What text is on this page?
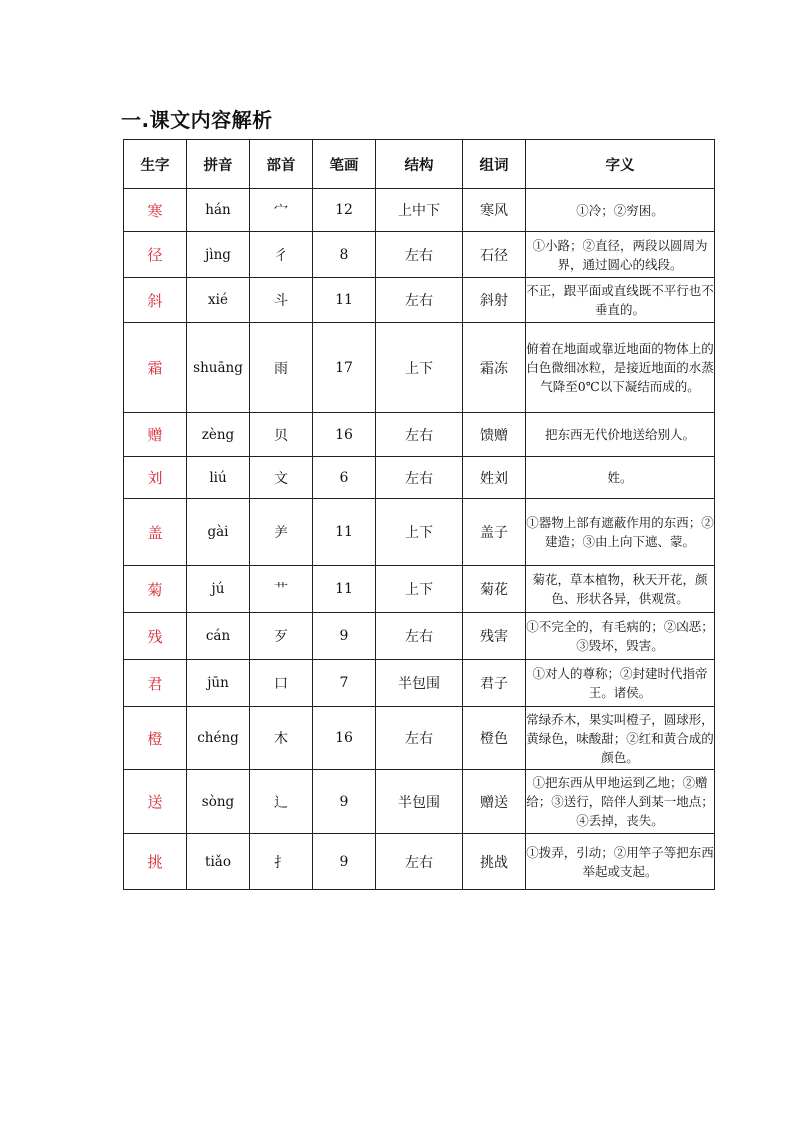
一.课文内容解析
生字	拼音	部首	笔画	结构	组词	字义
寒	hán	宀	12	上中下	寒风	①冷；②穷困。
径	jìng	彳	8	左右	石径	①小路；②直径，两段以圆周为界，通过圆心的线段。
斜	xié	斗	11	左右	斜射	不正，跟平面或直线既不平行也不垂直的。
霜	shuāng	雨	17	上下	霜冻	俯着在地面或靠近地面的物体上的白色微细冰粒，是接近地面的水蒸气降至0℃以下凝结而成的。
赠	zèng	贝	16	左右	馈赠	把东西无代价地送给别人。
刘	liú	文	6	左右	姓刘	姓。
盖	gài	⺶	11	上下	盖子	①器物上部有遮蔽作用的东西；②建造；③由上向下遮、蒙。
菊	jú	艹	11	上下	菊花	菊花，草本植物，秋天开花，颜色、形状各异，供观赏。
残	cán	歹	9	左右	残害	①不完全的，有毛病的；②凶恶；③毁坏，毁害。
君	jūn	口	7	半包围	君子	①对人的尊称；②封建时代指帝王。诸侯。
橙	chéng	木	16	左右	橙色	常绿乔木，果实叫橙子，圆球形，黄绿色，味酸甜；②红和黄合成的颜色。
送	sòng	辶	9	半包围	赠送	①把东西从甲地运到乙地；②赠给；③送行，陪伴人到某一地点；④丢掉，丧失。
挑	tiǎo	扌	9	左右	挑战	①拨弄，引动；②用竿子等把东西举起或支起。
